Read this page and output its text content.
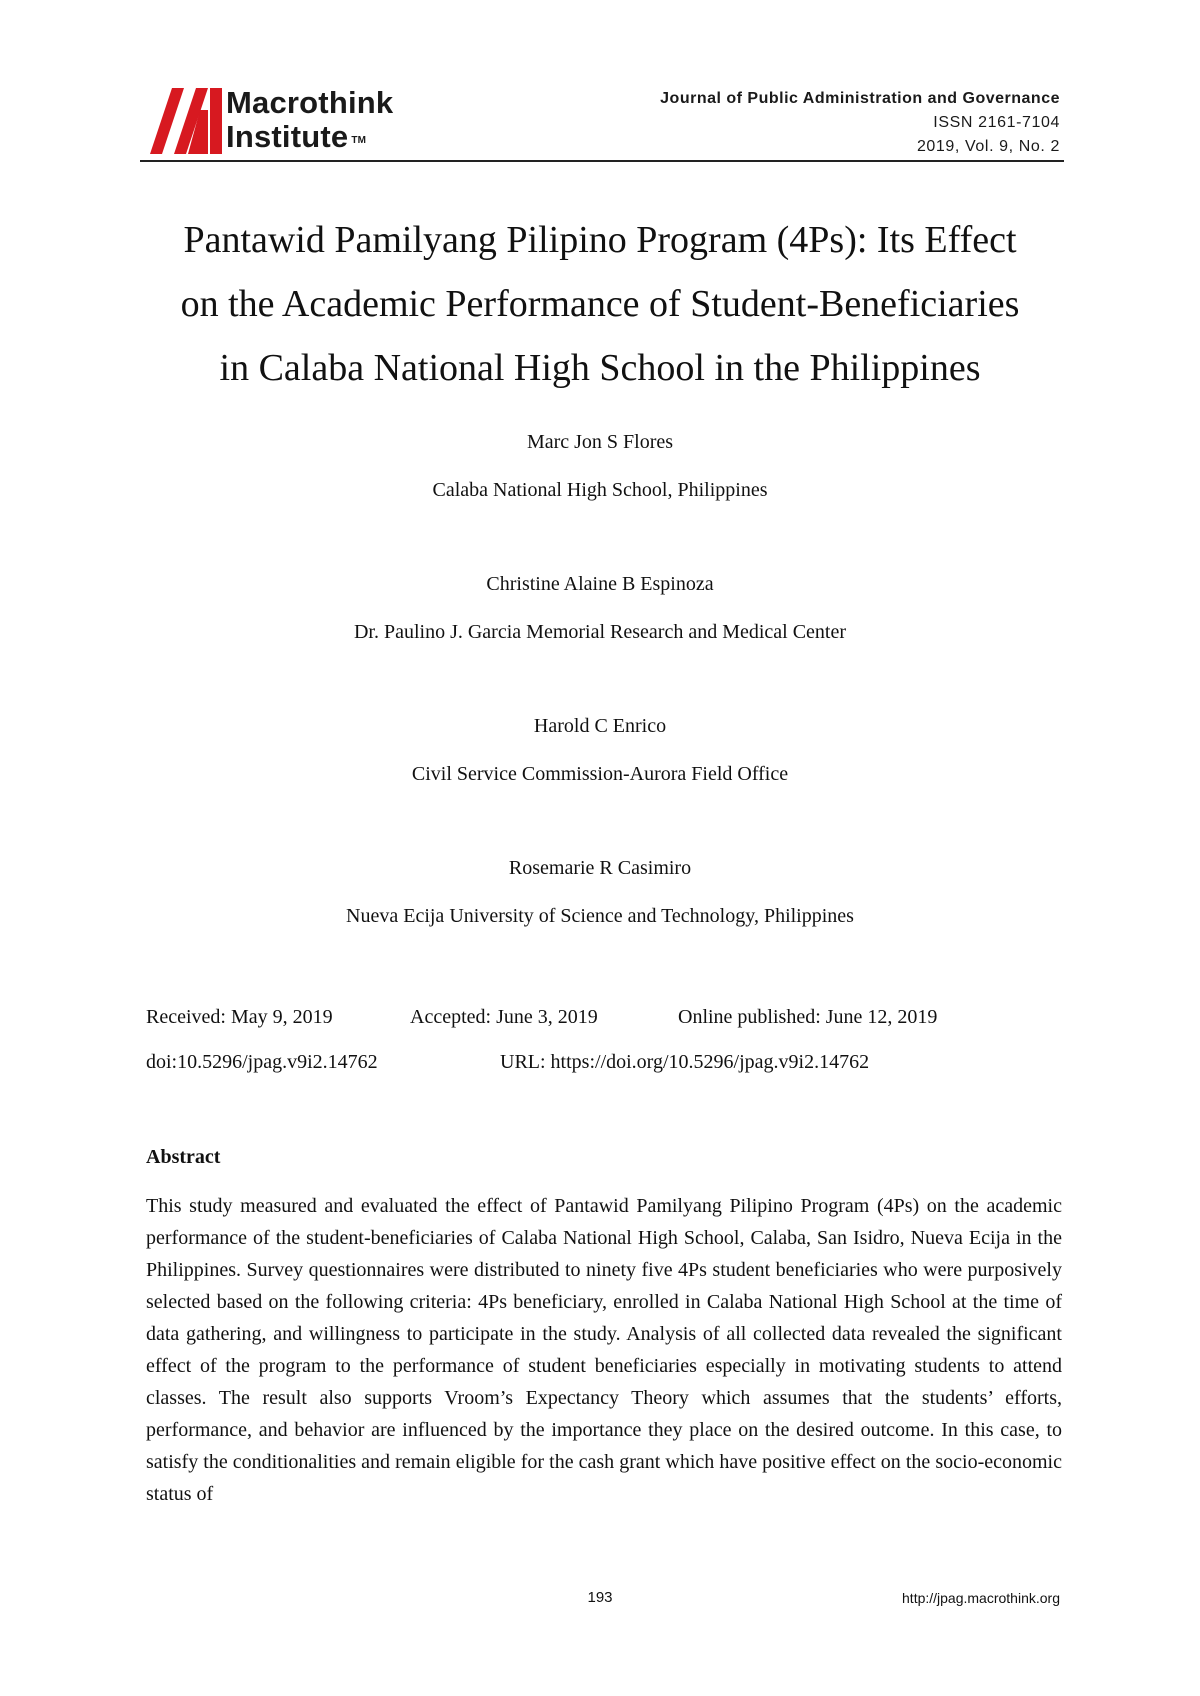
Macrothink
Institute ™
Journal of Public Administration and Governance
ISSN 2161-7104
2019, Vol. 9, No. 2
Pantawid Pamilyang Pilipino Program (4Ps): Its Effect
on the Academic Performance of Student-Beneficiaries
in Calaba National High School in the Philippines
Marc Jon S Flores
Calaba National High School, Philippines
Christine Alaine B Espinoza
Dr. Paulino J. Garcia Memorial Research and Medical Center
Harold C Enrico
Civil Service Commission-Aurora Field Office
Rosemarie R Casimiro
Nueva Ecija University of Science and Technology, Philippines
Received: May 9, 2019	Accepted: June 3, 2019	Online published: June 12, 2019
doi:10.5296/jpag.v9i2.14762	URL: https://doi.org/10.5296/jpag.v9i2.14762
Abstract
This study measured and evaluated the effect of Pantawid Pamilyang Pilipino Program (4Ps) on the academic performance of the student-beneficiaries of Calaba National High School, Calaba, San Isidro, Nueva Ecija in the Philippines. Survey questionnaires were distributed to ninety five 4Ps student beneficiaries who were purposively selected based on the following criteria: 4Ps beneficiary, enrolled in Calaba National High School at the time of data gathering, and willingness to participate in the study. Analysis of all collected data revealed the significant effect of the program to the performance of student beneficiaries especially in motivating students to attend classes. The result also supports Vroom’s Expectancy Theory which assumes that the students’ efforts, performance, and behavior are influenced by the importance they place on the desired outcome. In this case, to satisfy the conditionalities and remain eligible for the cash grant which have positive effect on the socio-economic status of
193	http://jpag.macrothink.org
